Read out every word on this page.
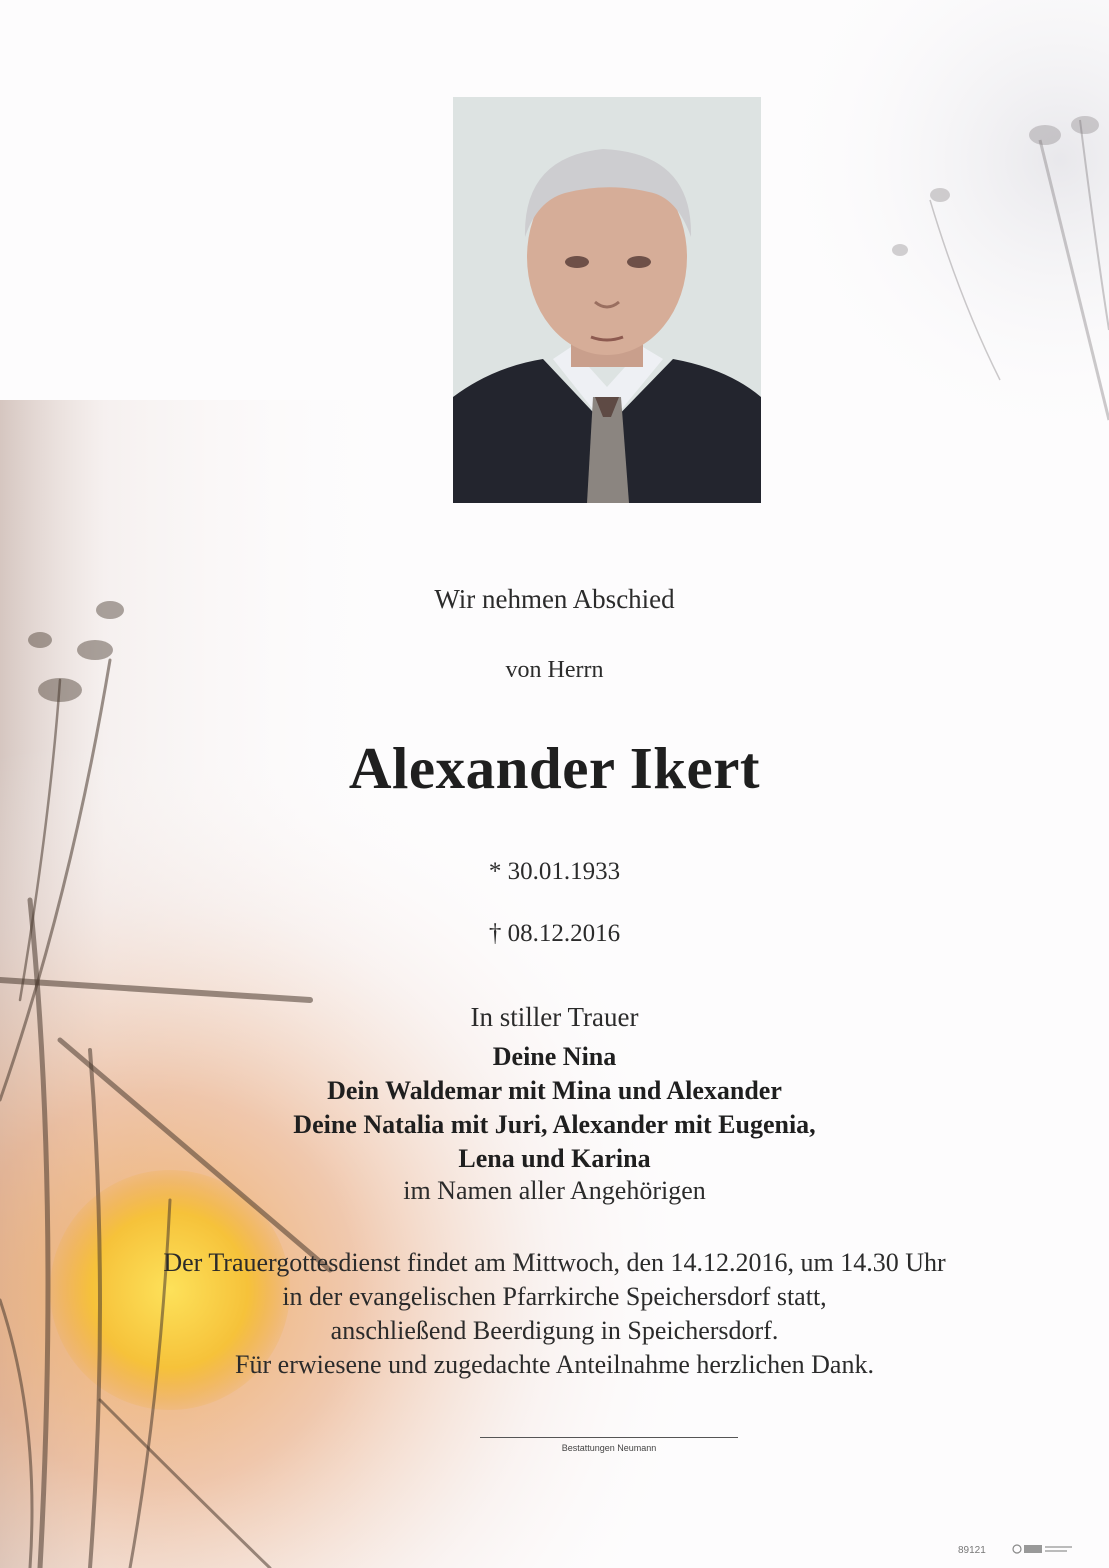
Wir nehmen Abschied
von Herrn
Alexander Ikert
* 30.01.1933
† 08.12.2016
In stiller Trauer
Deine Nina
Dein Waldemar mit Mina und Alexander
Deine Natalia mit Juri, Alexander mit Eugenia,
Lena und Karina
im Namen aller Angehörigen
Der Trauergottesdienst findet am Mittwoch, den 14.12.2016, um 14.30 Uhr
in der evangelischen Pfarrkirche Speichersdorf statt,
anschließend Beerdigung in Speichersdorf.
Für erwiesene und zugedachte Anteilnahme herzlichen Dank.
Bestattungen Neumann
89121
